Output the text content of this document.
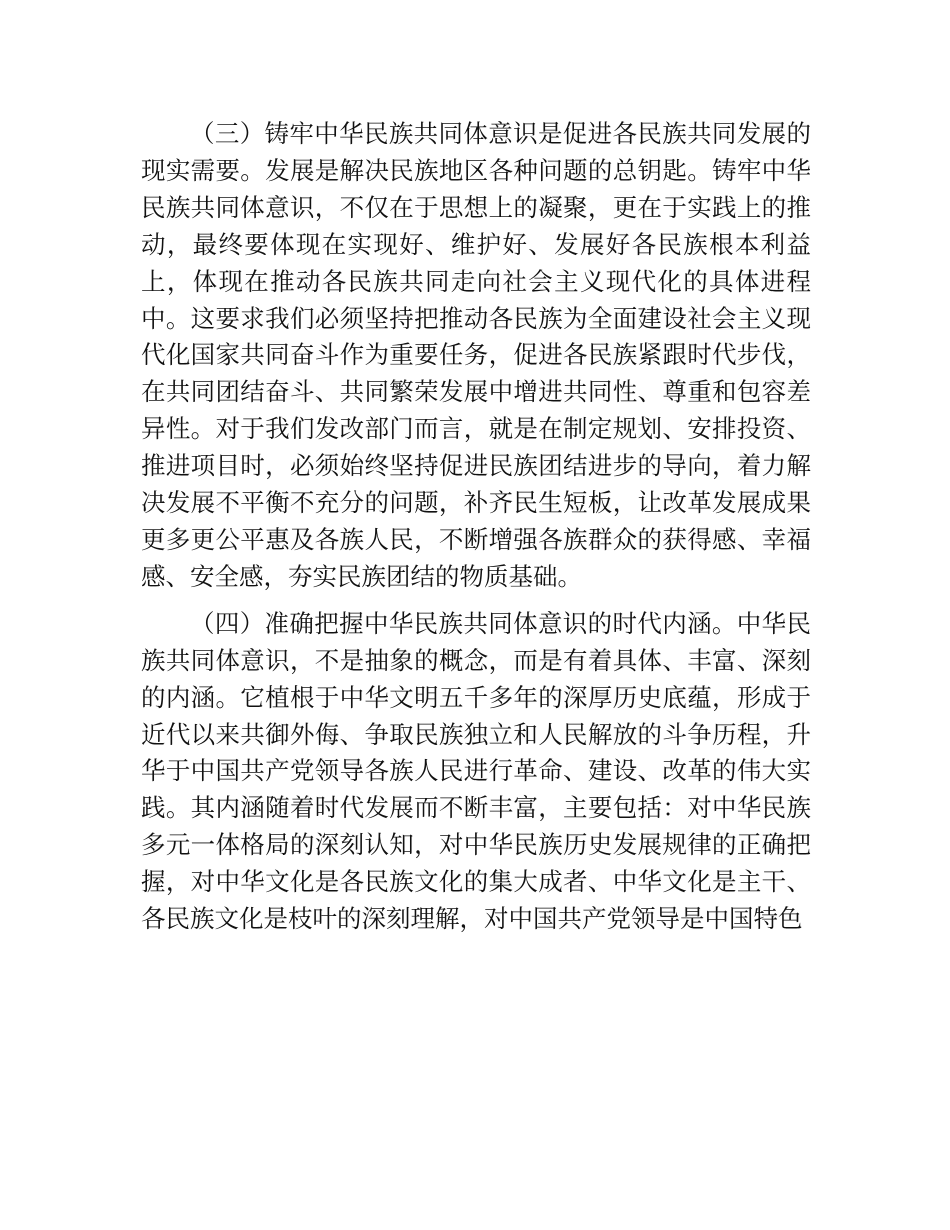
（三）铸牢中华民族共同体意识是促进各民族共同发展的现实需要。发展是解决民族地区各种问题的总钥匙。铸牢中华民族共同体意识，不仅在于思想上的凝聚，更在于实践上的推动，最终要体现在实现好、维护好、发展好各民族根本利益上，体现在推动各民族共同走向社会主义现代化的具体进程中。这要求我们必须坚持把推动各民族为全面建设社会主义现代化国家共同奋斗作为重要任务，促进各民族紧跟时代步伐，在共同团结奋斗、共同繁荣发展中增进共同性、尊重和包容差异性。对于我们发改部门而言，就是在制定规划、安排投资、推进项目时，必须始终坚持促进民族团结进步的导向，着力解决发展不平衡不充分的问题，补齐民生短板，让改革发展成果更多更公平惠及各族人民，不断增强各族群众的获得感、幸福感、安全感，夯实民族团结的物质基础。

（四）准确把握中华民族共同体意识的时代内涵。中华民族共同体意识，不是抽象的概念，而是有着具体、丰富、深刻的内涵。它植根于中华文明五千多年的深厚历史底蕴，形成于近代以来共御外侮、争取民族独立和人民解放的斗争历程，升华于中国共产党领导各族人民进行革命、建设、改革的伟大实践。其内涵随着时代发展而不断丰富，主要包括：对中华民族多元一体格局的深刻认知，对中华民族历史发展规律的正确把握，对中华文化是各民族文化的集大成者、中华文化是主干、各民族文化是枝叶的深刻理解，对中国共产党领导是中国特色
